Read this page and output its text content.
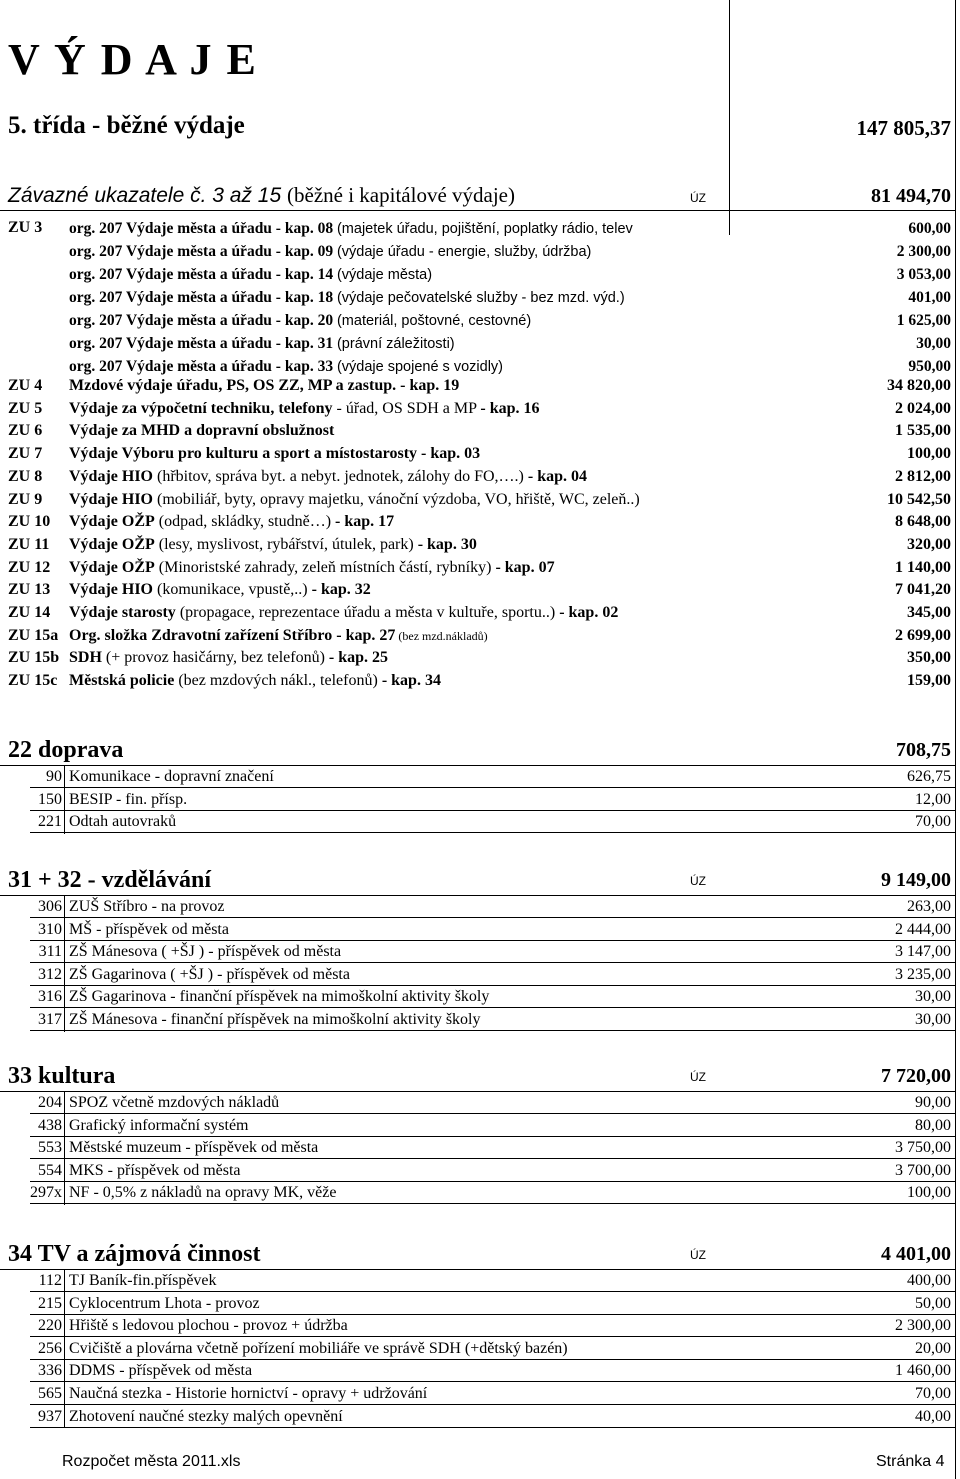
V Ý D A J E
5. třída - běžné výdaje	147 805,37
Závazné ukazatele č. 3 až 15 (běžné i kapitálové výdaje)	ÚZ	81 494,70
ZU 3 org. 207 Výdaje města a úřadu - kap. 08 (majetek úřadu, pojištění, poplatky rádio, telev	600,00
org. 207 Výdaje města a úřadu - kap. 09 (výdaje úřadu - energie, služby, údržba)	2 300,00
org. 207 Výdaje města a úřadu - kap. 14 (výdaje města)	3 053,00
org. 207 Výdaje města a úřadu - kap. 18 (výdaje pečovatelské služby - bez mzd. výd.)	401,00
org. 207 Výdaje města a úřadu - kap. 20 (materiál, poštovné, cestovné)	1 625,00
org. 207 Výdaje města a úřadu - kap. 31 (právní záležitosti)	30,00
org. 207 Výdaje města a úřadu - kap. 33 (výdaje spojené s vozidly)	950,00
ZU 4 Mzdové výdaje úřadu, PS, OS ZZ, MP a zastup. - kap. 19	34 820,00
ZU 5 Výdaje za výpočetní techniku, telefony - úřad, OS SDH a MP - kap. 16	2 024,00
ZU 6 Výdaje za MHD a dopravní obslužnost	1 535,00
ZU 7 Výdaje Výboru pro kulturu a sport a místostarosty - kap. 03	100,00
ZU 8 Výdaje HIO (hřbitov, správa byt. a nebyt. jednotek, zálohy do FO,….) - kap. 04	2 812,00
ZU 9 Výdaje HIO (mobiliář, byty, opravy majetku, vánoční výzdoba, VO, hřiště, WC, zeleň..)	10 542,50
ZU 10 Výdaje OŽP (odpad, skládky, studně…) - kap. 17	8 648,00
ZU 11 Výdaje OŽP (lesy, myslivost, rybářství, útulek, park) - kap. 30	320,00
ZU 12 Výdaje OŽP (Minoristské zahrady, zeleň místních částí, rybníky) - kap. 07	1 140,00
ZU 13 Výdaje HIO (komunikace, vpustě,..) - kap. 32	7 041,20
ZU 14 Výdaje starosty (propagace, reprezentace úřadu a města v kultuře, sportu..) - kap. 02	345,00
ZU 15a Org. složka Zdravotní zařízení Stříbro - kap. 27 (bez mzd.nákladů)	2 699,00
ZU 15b SDH (+ provoz hasičárny, bez telefonů) - kap. 25	350,00
ZU 15c Městská policie (bez mzdových nákl., telefonů) - kap. 34	159,00
22 doprava	708,75
90 Komunikace - dopravní značení	626,75
150 BESIP - fin. přísp.	12,00
221 Odtah autovraků	70,00
31 + 32 - vzdělávání	ÚZ	9 149,00
306 ZUŠ Stříbro - na provoz	263,00
310 MŠ - příspěvek od města	2 444,00
311 ZŠ Mánesova ( +ŠJ ) - příspěvek od města	3 147,00
312 ZŠ Gagarinova ( +ŠJ ) - příspěvek od města	3 235,00
316 ZŠ Gagarinova - finanční příspěvek na mimoškolní aktivity školy	30,00
317 ZŠ Mánesova - finanční příspěvek na mimoškolní aktivity školy	30,00
33 kultura	ÚZ	7 720,00
204 SPOZ včetně mzdových nákladů	90,00
438 Grafický informační systém	80,00
553 Městské muzeum - příspěvek od města	3 750,00
554 MKS - příspěvek od města	3 700,00
297x NF - 0,5% z nákladů na opravy MK, věže	100,00
34 TV a zájmová činnost	ÚZ	4 401,00
112 TJ Baník-fin.příspěvek	400,00
215 Cyklocentrum Lhota - provoz	50,00
220 Hřiště s ledovou plochou - provoz + údržba	2 300,00
256 Cvičiště a plovárna včetně pořízení mobiliáře ve správě SDH (+dětský bazén)	20,00
336 DDMS - příspěvek od města	1 460,00
565 Naučná stezka - Historie hornictví - opravy + udržování	70,00
937 Zhotovení naučné stezky malých opevnění	40,00
Rozpočet města 2011.xls	Stránka 4
